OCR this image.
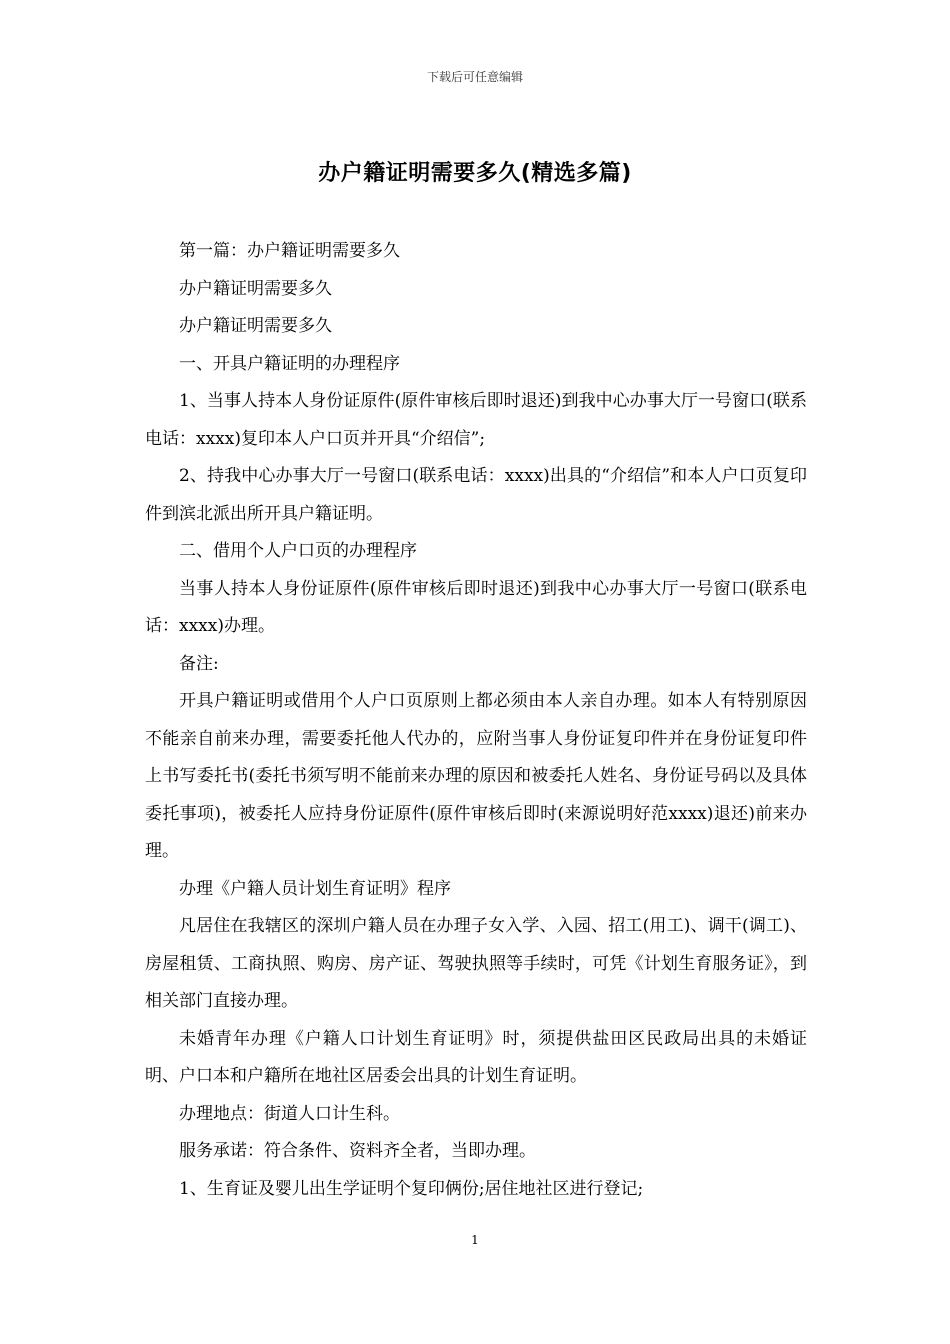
下载后可任意编辑
办户籍证明需要多久(精选多篇)

第一篇：办户籍证明需要多久

办户籍证明需要多久

办户籍证明需要多久

一、开具户籍证明的办理程序

1、当事人持本人身份证原件(原件审核后即时退还)到我中心办事大厅一号窗口(联系电话：xxxx)复印本人户口页并开具“介绍信”;

2、持我中心办事大厅一号窗口(联系电话：xxxx)出具的“介绍信”和本人户口页复印件到滨北派出所开具户籍证明。

二、借用个人户口页的办理程序

当事人持本人身份证原件(原件审核后即时退还)到我中心办事大厅一号窗口(联系电话：xxxx)办理。

备注:

开具户籍证明或借用个人户口页原则上都必须由本人亲自办理。如本人有特别原因不能亲自前来办理，需要委托他人代办的，应附当事人身份证复印件并在身份证复印件上书写委托书(委托书须写明不能前来办理的原因和被委托人姓名、身份证号码以及具体委托事项)，被委托人应持身份证原件(原件审核后即时(来源说明好范xxxx)退还)前来办理。

办理《户籍人员计划生育证明》程序

凡居住在我辖区的深圳户籍人员在办理子女入学、入园、招工(用工)、调干(调工)、房屋租赁、工商执照、购房、房产证、驾驶执照等手续时，可凭《计划生育服务证》，到相关部门直接办理。

未婚青年办理《户籍人口计划生育证明》时，须提供盐田区民政局出具的未婚证明、户口本和户籍所在地社区居委会出具的计划生育证明。

办理地点：街道人口计生科。

服务承诺：符合条件、资料齐全者，当即办理。

1、生育证及婴儿出生学证明个复印俩份;居住地社区进行登记;

1
